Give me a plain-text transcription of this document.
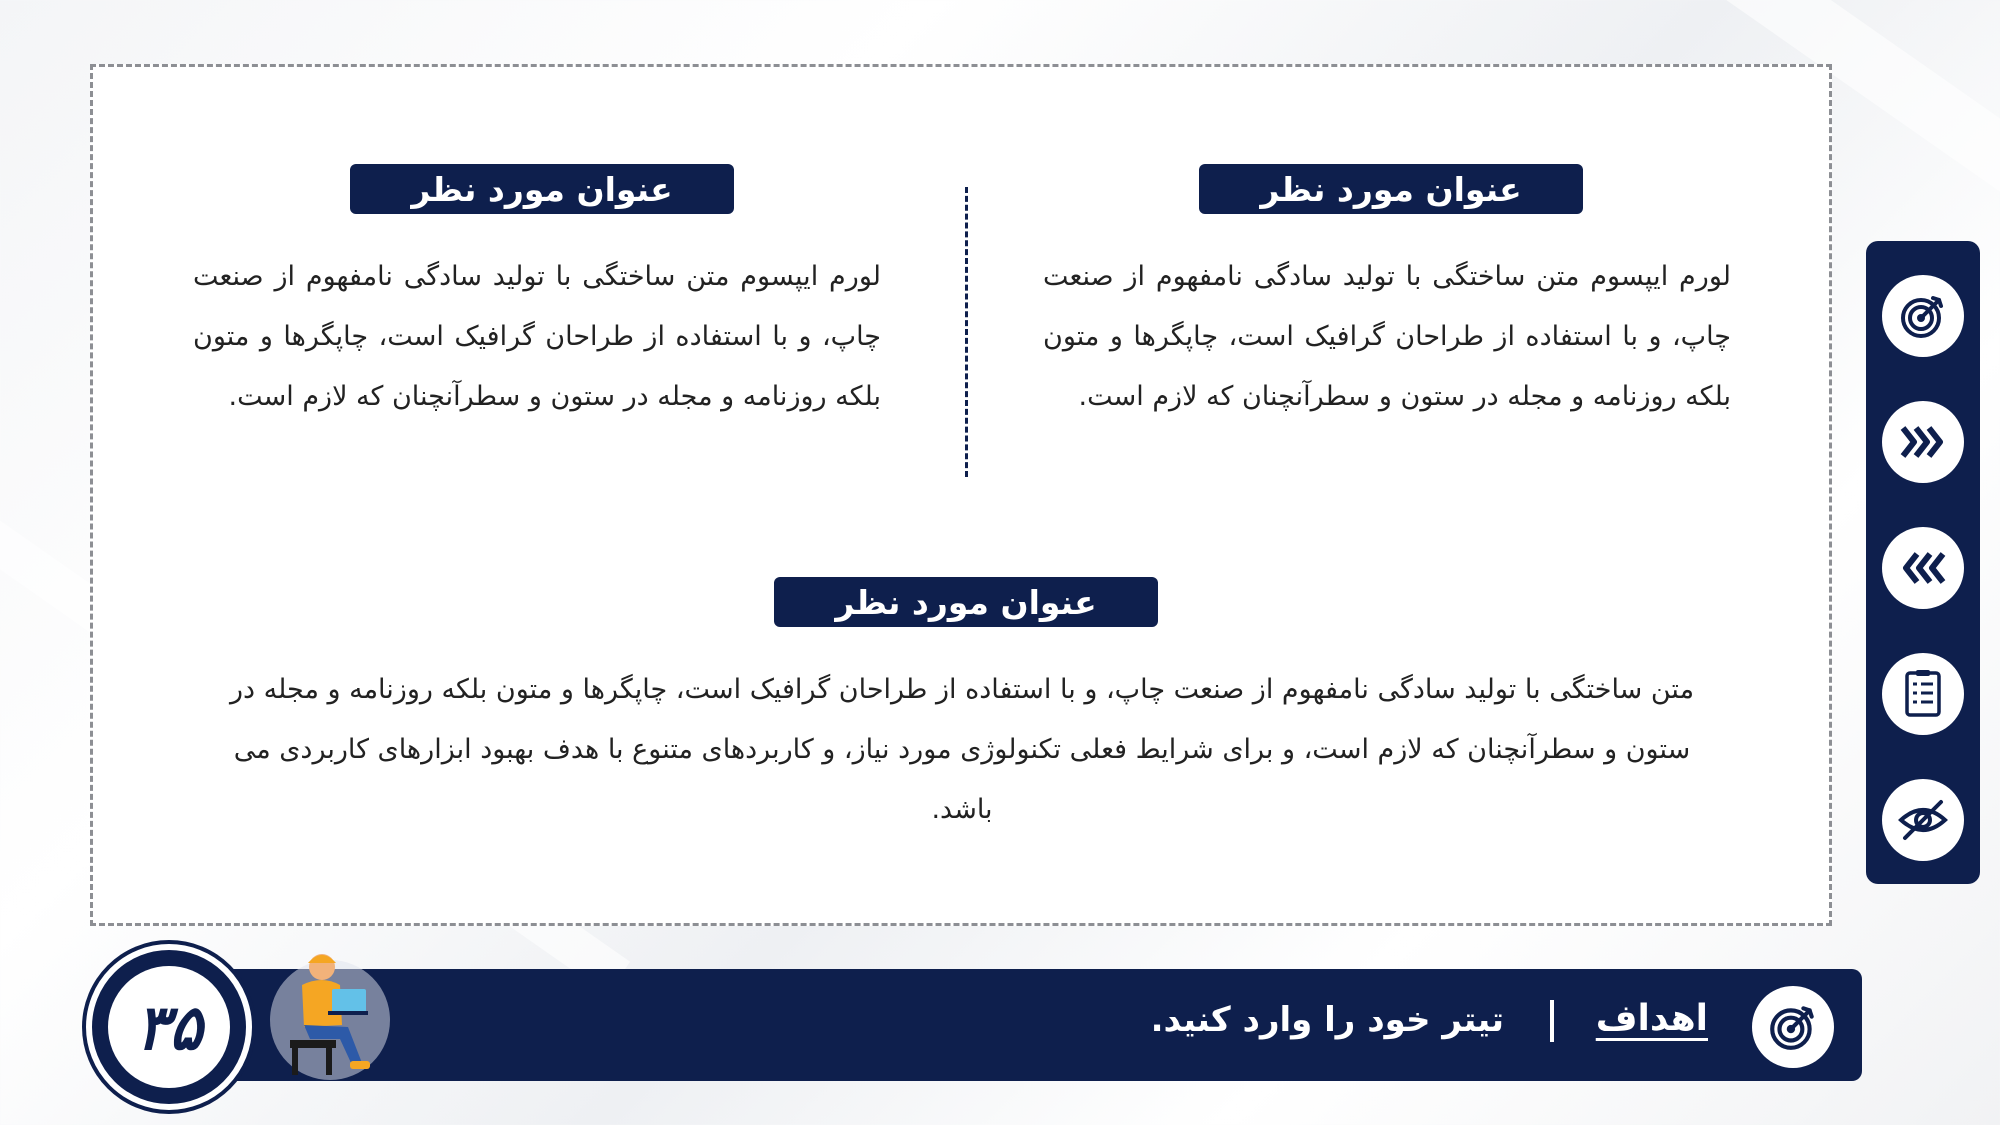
عنوان مورد نظر
لورم ایپسوم متن ساختگی با تولید سادگی نامفهوم از صنعت چاپ، و با استفاده از طراحان گرافیک است، چاپگرها و متون بلکه روزنامه و مجله در ستون و سطرآنچنان که لازم است.
عنوان مورد نظر
لورم ایپسوم متن ساختگی با تولید سادگی نامفهوم از صنعت چاپ، و با استفاده از طراحان گرافیک است، چاپگرها و متون بلکه روزنامه و مجله در ستون و سطرآنچنان که لازم است.
عنوان مورد نظر
متن ساختگی با تولید سادگی نامفهوم از صنعت چاپ، و با استفاده از طراحان گرافیک است، چاپگرها و متون بلکه روزنامه و مجله در ستون و سطرآنچنان که لازم است، و برای شرایط فعلی تکنولوژی مورد نیاز، و کاربردهای متنوع با هدف بهبود ابزارهای کاربردی می باشد.
اهداف
تیتر خود را وارد کنید.
۳۵
